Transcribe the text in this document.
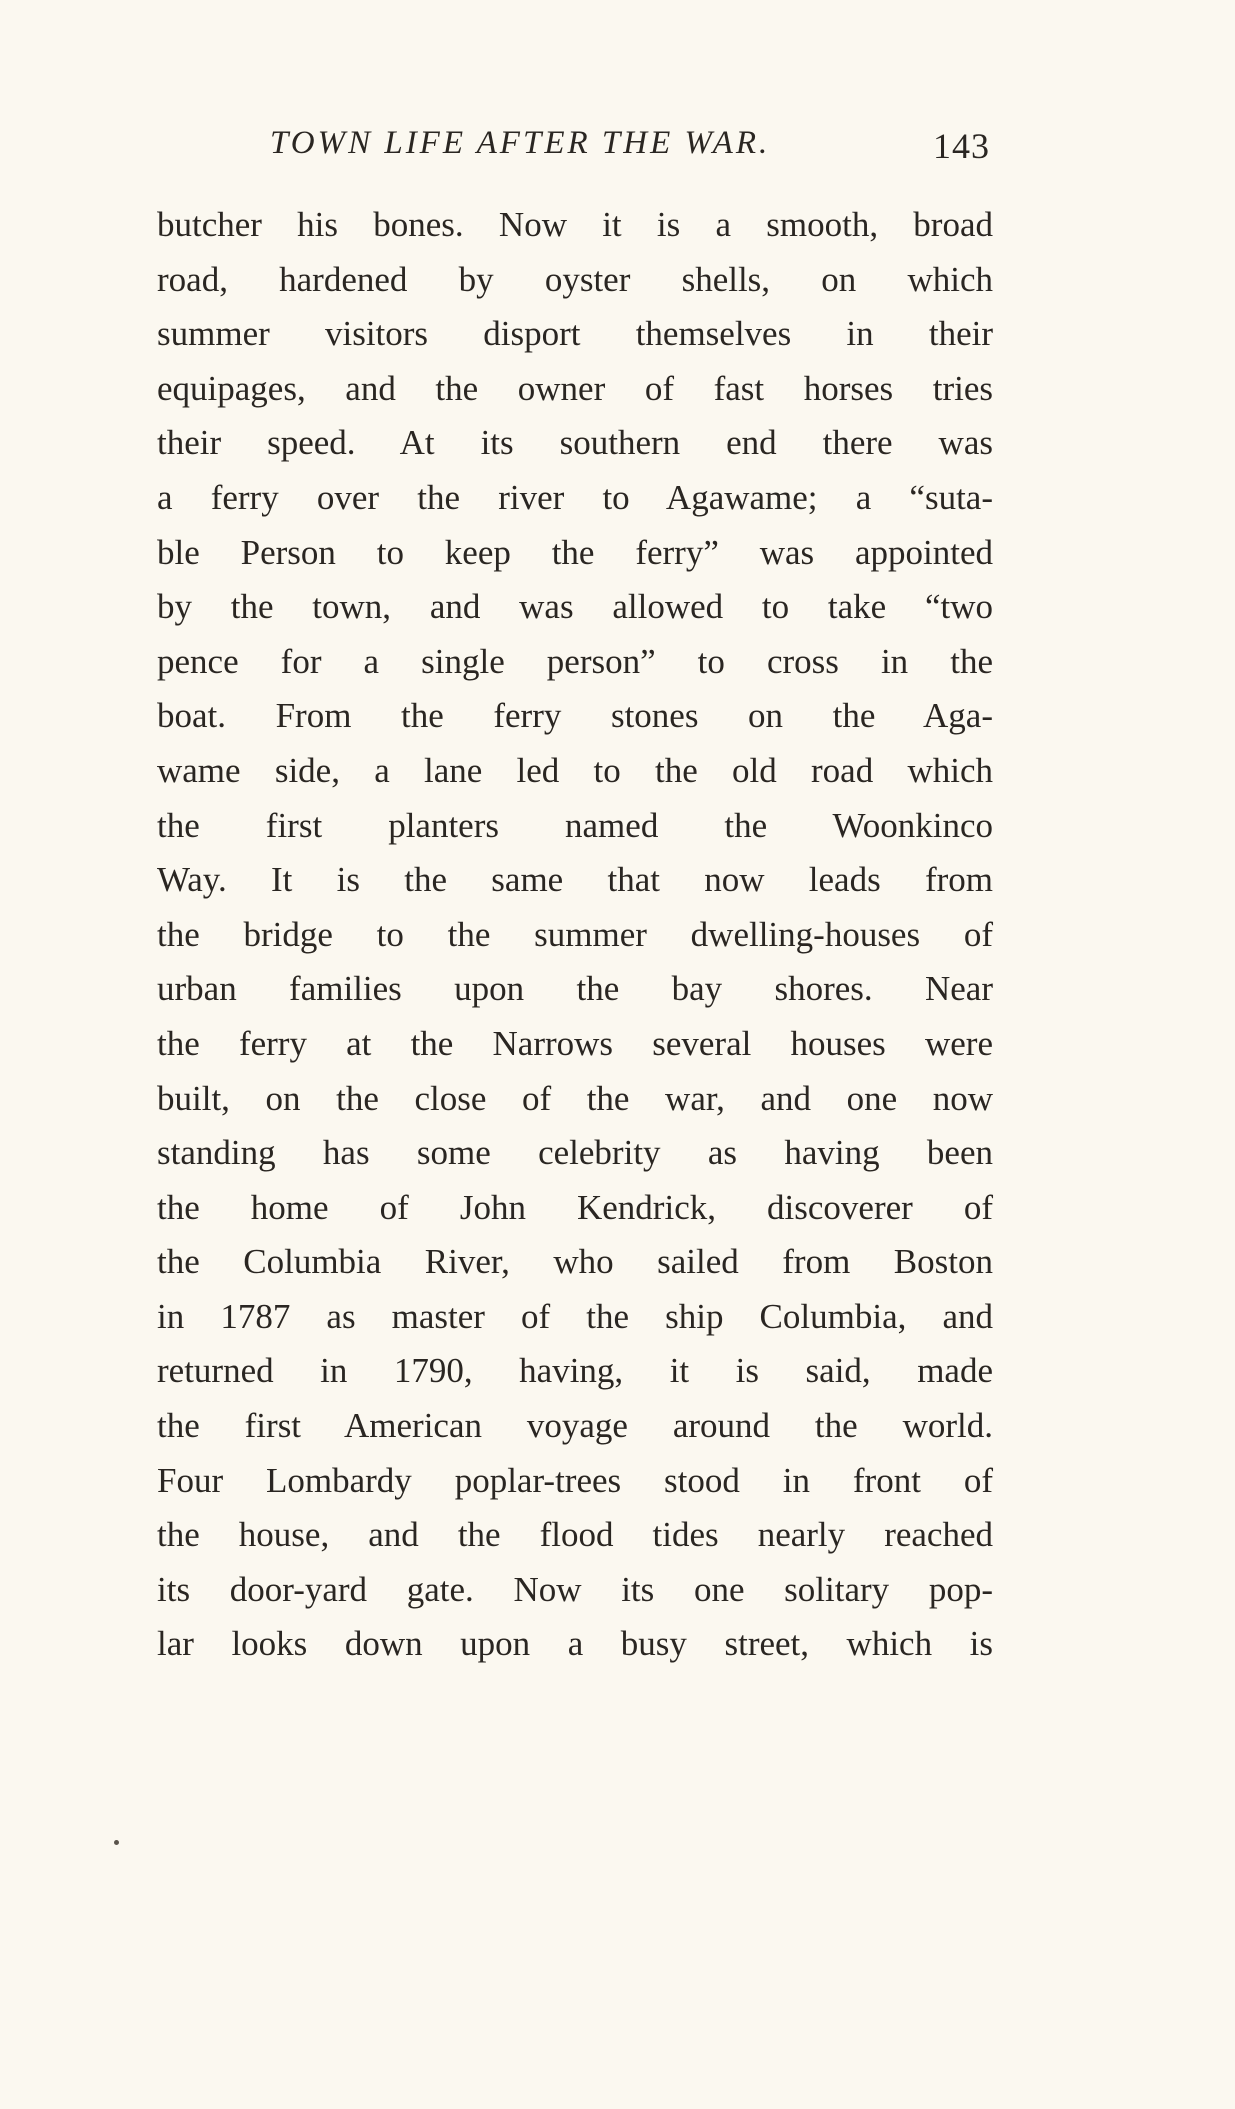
TOWN LIFE AFTER THE WAR.	143
butcher his bones. Now it is a smooth, broad
road, hardened by oyster shells, on which
summer visitors disport themselves in their
equipages, and the owner of fast horses tries
their speed. At its southern end there was
a ferry over the river to Agawame; a “suta-
ble Person to keep the ferry” was appointed
by the town, and was allowed to take “two
pence for a single person” to cross in the
boat. From the ferry stones on the Aga-
wame side, a lane led to the old road which
the first planters named the Woonkinco
Way. It is the same that now leads from
the bridge to the summer dwelling-houses of
urban families upon the bay shores. Near
the ferry at the Narrows several houses were
built, on the close of the war, and one now
standing has some celebrity as having been
the home of John Kendrick, discoverer of
the Columbia River, who sailed from Boston
in 1787 as master of the ship Columbia, and
returned in 1790, having, it is said, made
the first American voyage around the world.
Four Lombardy poplar-trees stood in front of
the house, and the flood tides nearly reached
its door-yard gate. Now its one solitary pop-
lar looks down upon a busy street, which is
